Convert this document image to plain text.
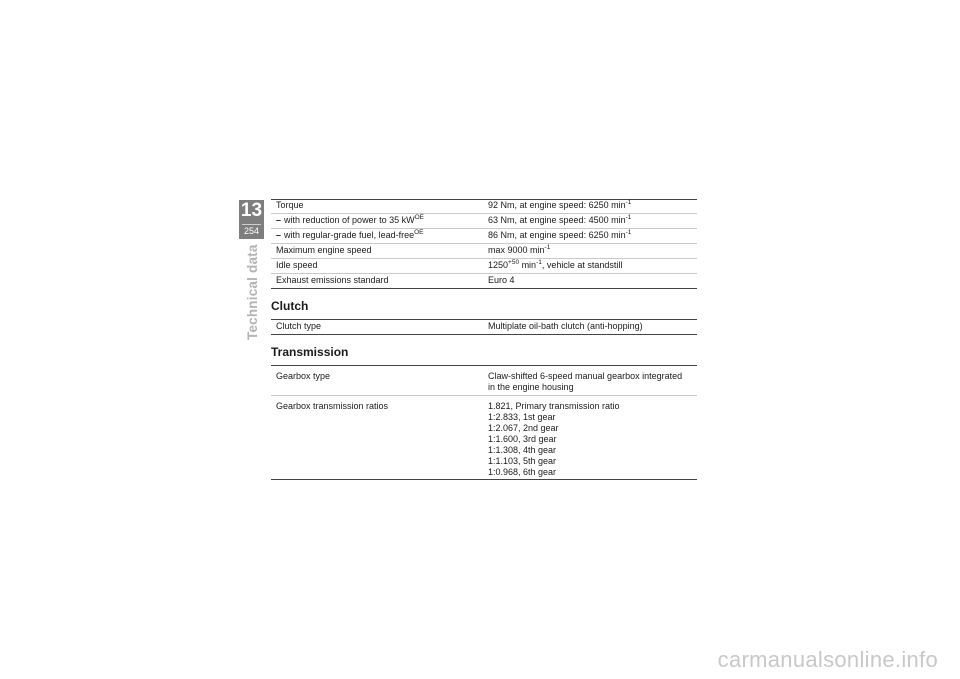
13
254
Technical data
Torque	92 Nm, at engine speed: 6250 $\min^{-1}$
– with reduction of power to 35 $kW^{OE}$	63 Nm, at engine speed: 4500 $\min^{-1}$
– with regular-grade fuel, lead-free$^{OE}$	86 Nm, at engine speed: 6250 $\min^{-1}$
Maximum engine speed	max 9000 $\min^{-1}$
Idle speed	$1250^{+50}$ $\min^{-1}$, vehicle at standstill
Exhaust emissions standard	Euro 4
Clutch
Clutch type	Multiplate oil-bath clutch (anti-hopping)
Transmission
Gearbox type	Claw-shifted 6-speed manual gearbox integrated
in the engine housing
Gearbox transmission ratios	1.821, Primary transmission ratio
1:2.833, 1st gear
1:2.067, 2nd gear
1:1.600, 3rd gear
1:1.308, 4th gear
1:1.103, 5th gear
1:0.968, 6th gear
carmanualsonline.info
